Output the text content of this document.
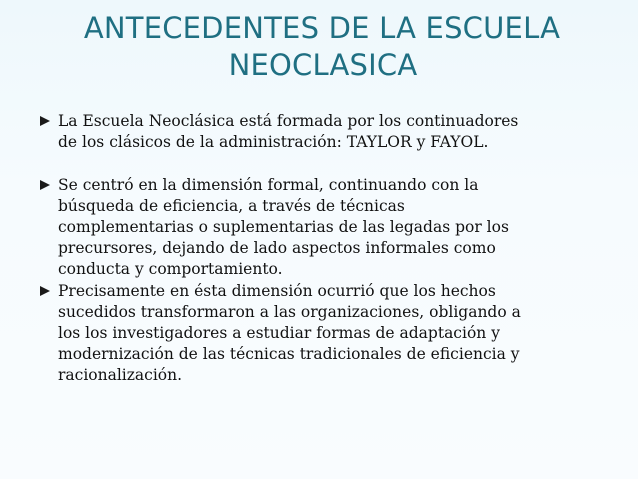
ANTECEDENTES DE LA ESCUELA
NEOCLASICA
La Escuela Neoclásica está formada por los continuadores
de los clásicos de la administración: TAYLOR y FAYOL.
Se centró en la dimensión formal, continuando con la
búsqueda de eficiencia, a través de técnicas
complementarias o suplementarias de las legadas por los
precursores, dejando de lado aspectos informales como
conducta y comportamiento.
Precisamente en ésta dimensión ocurrió que los hechos
sucedidos transformaron a las organizaciones, obligando a
los los investigadores a estudiar formas de adaptación y
modernización de las técnicas tradicionales de eficiencia y
racionalización.
